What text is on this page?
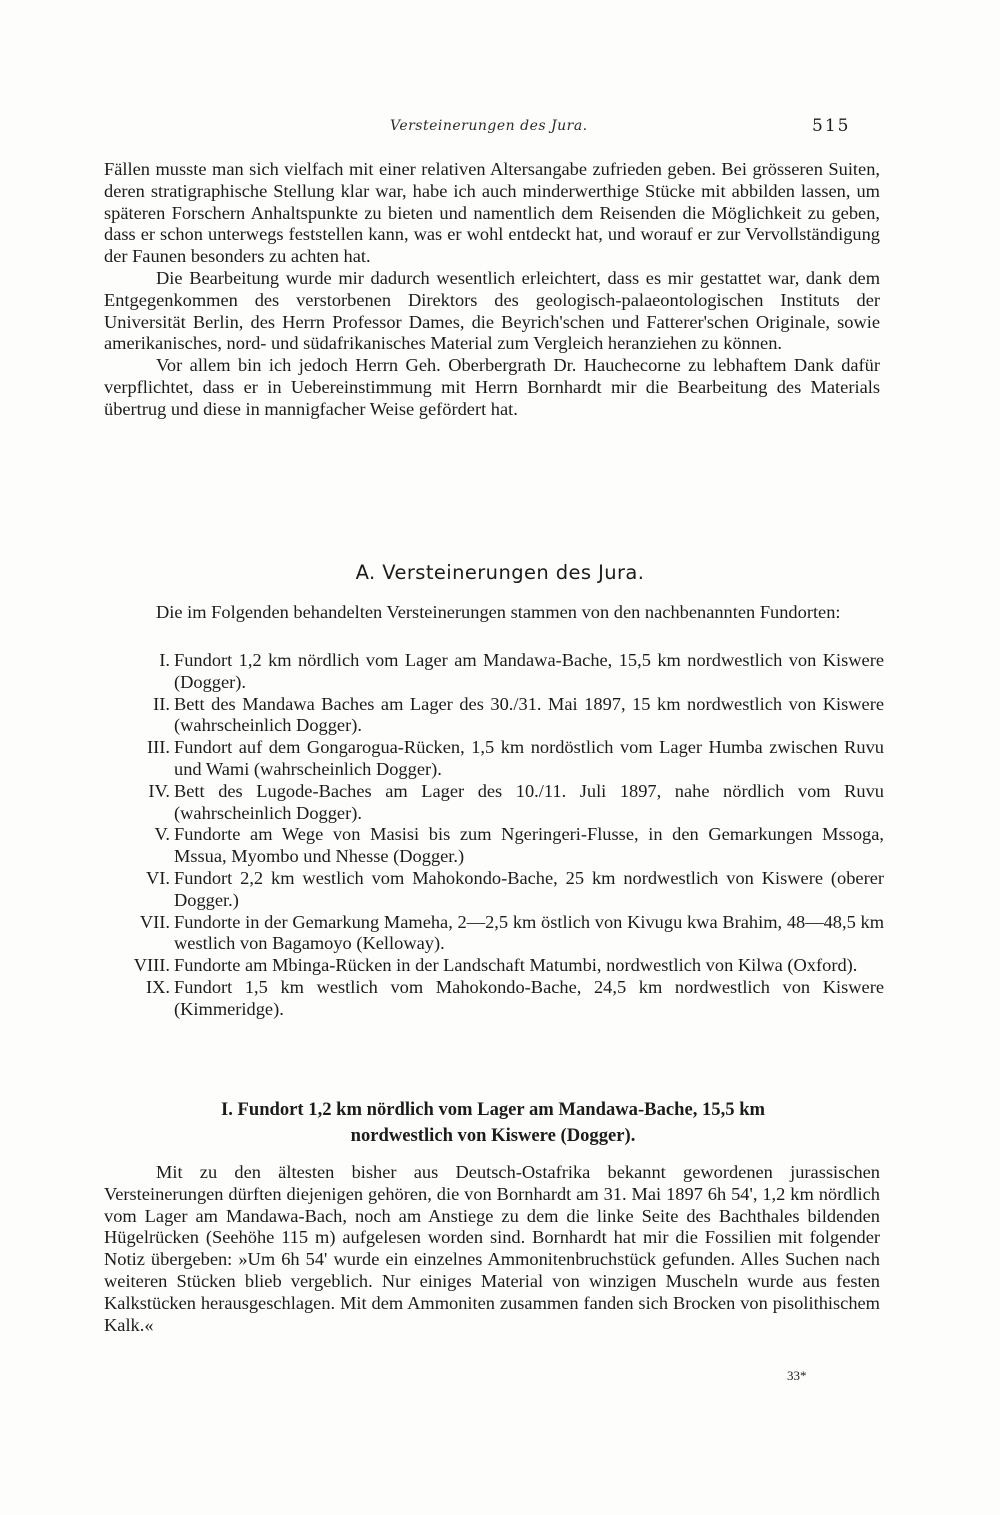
Versteinerungen des Jura.	515

Fällen musste man sich vielfach mit einer relativen Altersangabe zufrieden geben. Bei grösseren Suiten, deren stratigraphische Stellung klar war, habe ich auch minderwerthige Stücke mit abbilden lassen, um späteren Forschern Anhaltspunkte zu bieten und namentlich dem Reisenden die Möglichkeit zu geben, dass er schon unterwegs feststellen kann, was er wohl entdeckt hat, und worauf er zur Vervollständigung der Faunen besonders zu achten hat.

Die Bearbeitung wurde mir dadurch wesentlich erleichtert, dass es mir gestattet war, dank dem Entgegenkommen des verstorbenen Direktors des geologisch-palaeontologischen Instituts der Universität Berlin, des Herrn Professor Dames, die Beyrich'schen und Fatterer'schen Originale, sowie amerikanisches, nord- und südafrikanisches Material zum Vergleich heranziehen zu können.

Vor allem bin ich jedoch Herrn Geh. Oberbergrath Dr. Hauchecorne zu lebhaftem Dank dafür verpflichtet, dass er in Uebereinstimmung mit Herrn Bornhardt mir die Bearbeitung des Materials übertrug und diese in mannigfacher Weise gefördert hat.

A. Versteinerungen des Jura.

Die im Folgenden behandelten Versteinerungen stammen von den nachbenannten Fundorten:

I. Fundort 1,2 km nördlich vom Lager am Mandawa-Bache, 15,5 km nordwestlich von Kiswere (Dogger).
II. Bett des Mandawa Baches am Lager des 30./31. Mai 1897, 15 km nordwestlich von Kiswere (wahrscheinlich Dogger).
III. Fundort auf dem Gongarogua-Rücken, 1,5 km nordöstlich vom Lager Humba zwischen Ruvu und Wami (wahrscheinlich Dogger).
IV. Bett des Lugode-Baches am Lager des 10./11. Juli 1897, nahe nördlich vom Ruvu (wahrscheinlich Dogger).
V. Fundorte am Wege von Masisi bis zum Ngeringeri-Flusse, in den Gemarkungen Mssoga, Mssua, Myombo und Nhesse (Dogger.)
VI. Fundort 2,2 km westlich vom Mahokondo-Bache, 25 km nordwestlich von Kiswere (oberer Dogger.)
VII. Fundorte in der Gemarkung Mameha, 2—2,5 km östlich von Kivugu kwa Brahim, 48—48,5 km westlich von Bagamoyo (Kelloway).
VIII. Fundorte am Mbinga-Rücken in der Landschaft Matumbi, nordwestlich von Kilwa (Oxford).
IX. Fundort 1,5 km westlich vom Mahokondo-Bache, 24,5 km nordwestlich von Kiswere (Kimmeridge).
I. Fundort 1,2 km nördlich vom Lager am Mandawa-Bache, 15,5 km
nordwestlich von Kiswere (Dogger).

Mit zu den ältesten bisher aus Deutsch-Ostafrika bekannt gewordenen jurassischen Versteinerungen dürften diejenigen gehören, die von Bornhardt am 31. Mai 1897 6h 54', 1,2 km nördlich vom Lager am Mandawa-Bach, noch am Anstiege zu dem die linke Seite des Bachthales bildenden Hügelrücken (Seehöhe 115 m) aufgelesen worden sind. Bornhardt hat mir die Fossilien mit folgender Notiz übergeben: »Um 6h 54' wurde ein einzelnes Ammonitenbruchstück gefunden. Alles Suchen nach weiteren Stücken blieb vergeblich. Nur einiges Material von winzigen Muscheln wurde aus festen Kalkstücken herausgeschlagen. Mit dem Ammoniten zusammen fanden sich Brocken von pisolithischem Kalk.«

33*
